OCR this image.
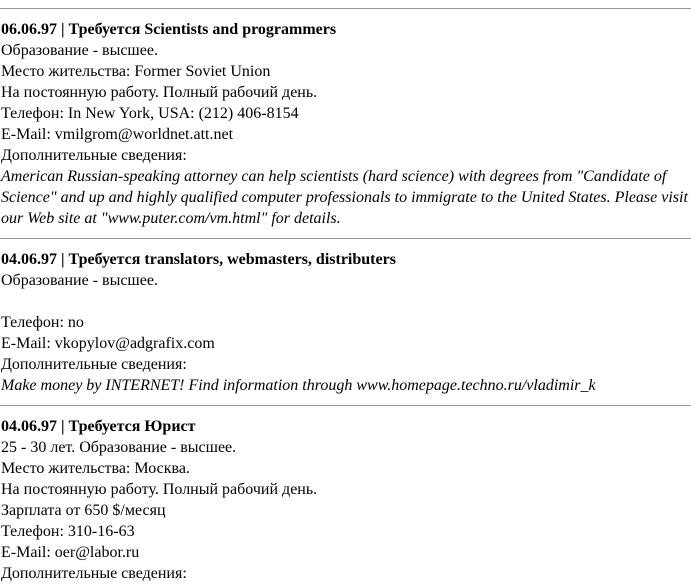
06.06.97 | Требуется Scientists and programmers
Образование - высшее.
Место жительства: Former Soviet Union
На постоянную работу. Полный рабочий день.
Телефон: In New York, USA: (212) 406-8154
E-Mail: vmilgrom@worldnet.att.net
Дополнительные сведения:
American Russian-speaking attorney can help scientists (hard science) with degrees from "Candidate of Science" and up and highly qualified computer professionals to immigrate to the United States. Please visit our Web site at "www.puter.com/vm.html" for details.
04.06.97 | Требуется translators, webmasters, distributers
Образование - высшее.
Телефон: no
E-Mail: vkopylov@adgrafix.com
Дополнительные сведения:
Make money by INTERNET! Find information through www.homepage.techno.ru/vladimir_k
04.06.97 | Требуется Юрист
25 - 30 лет. Образование - высшее.
Место жительства: Москва.
На постоянную работу. Полный рабочий день.
Зарплата от 650 $/месяц
Телефон: 310-16-63
E-Mail: oer@labor.ru
Дополнительные сведения:
